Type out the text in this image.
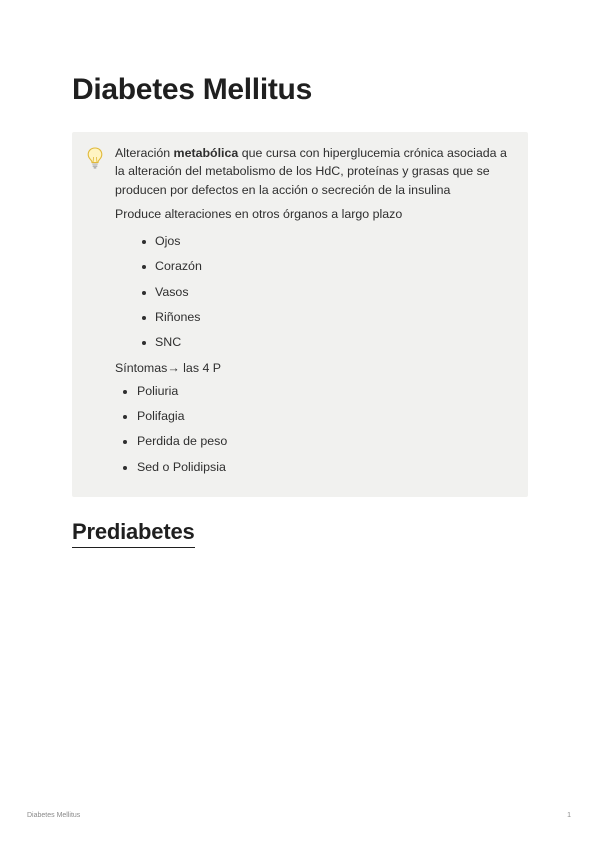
Diabetes Mellitus

Alteración metabólica que cursa con hiperglucemia crónica asociada a la alteración del metabolismo de los HdC, proteínas y grasas que se producen por defectos en la acción o secreción de la insulina

Produce alteraciones en otros órganos a largo plazo

Ojos
Corazón
Vasos
Riñones
SNC

Síntomas→ las 4 P

Poliuria
Polifagia
Perdida de peso
Sed o Polidipsia
Prediabetes
Diabetes Mellitus	1
